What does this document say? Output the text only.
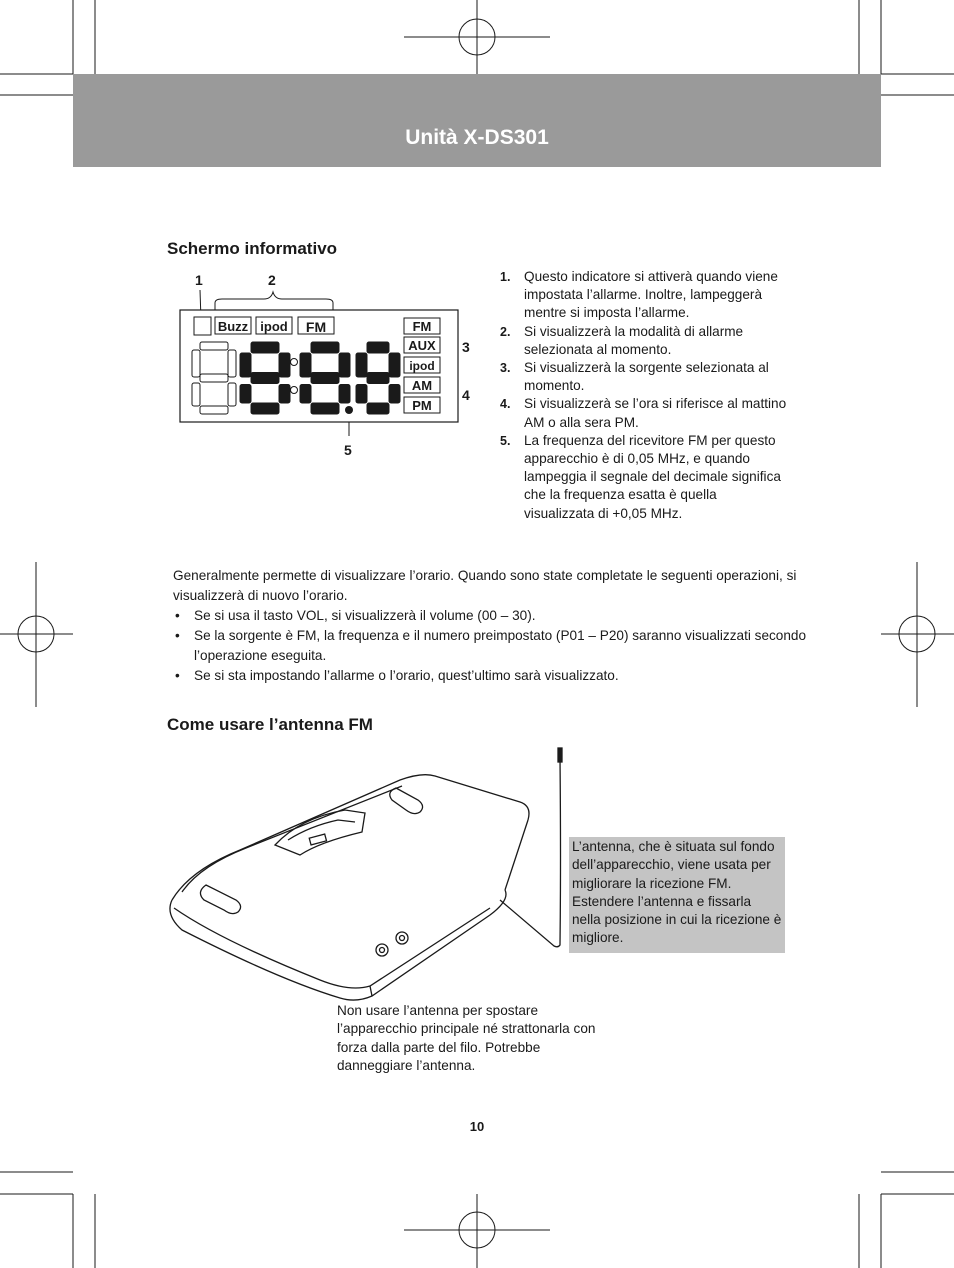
Unità X-DS301
Schermo informativo
1	2
3
4
5
Buzz ipod FM	FM
AUX
ipod
AM
PM
1. Questo indicatore si attiverà quando viene impostata l’allarme. Inoltre, lampeggerà mentre si imposta l’allarme.
2. Si visualizzerà la modalità di allarme selezionata al momento.
3. Si visualizzerà la sorgente selezionata al momento.
4. Si visualizzerà se l’ora si riferisce al mattino AM o alla sera PM.
5. La frequenza del ricevitore FM per questo apparecchio è di 0,05 MHz, e quando lampeggia il segnale del decimale significa che la frequenza esatta è quella visualizzata di +0,05 MHz.
Generalmente permette di visualizzare l’orario. Quando sono state completate le seguenti operazioni, si visualizzerà di nuovo l’orario.
• Se si usa il tasto VOL, si visualizzerà il volume (00 – 30).
• Se la sorgente è FM, la frequenza e il numero preimpostato (P01 – P20) saranno visualizzati secondo l’operazione eseguita.
• Se si sta impostando l’allarme o l’orario, quest’ultimo sarà visualizzato.
Come usare l’antenna FM
L’antenna, che è situata sul fondo dell’apparecchio, viene usata per migliorare la ricezione FM. Estendere l’antenna e fissarla nella posizione in cui la ricezione è migliore.
Non usare l’antenna per spostare l’apparecchio principale né strattonarla con forza dalla parte del filo. Potrebbe danneggiare l’antenna.
10
